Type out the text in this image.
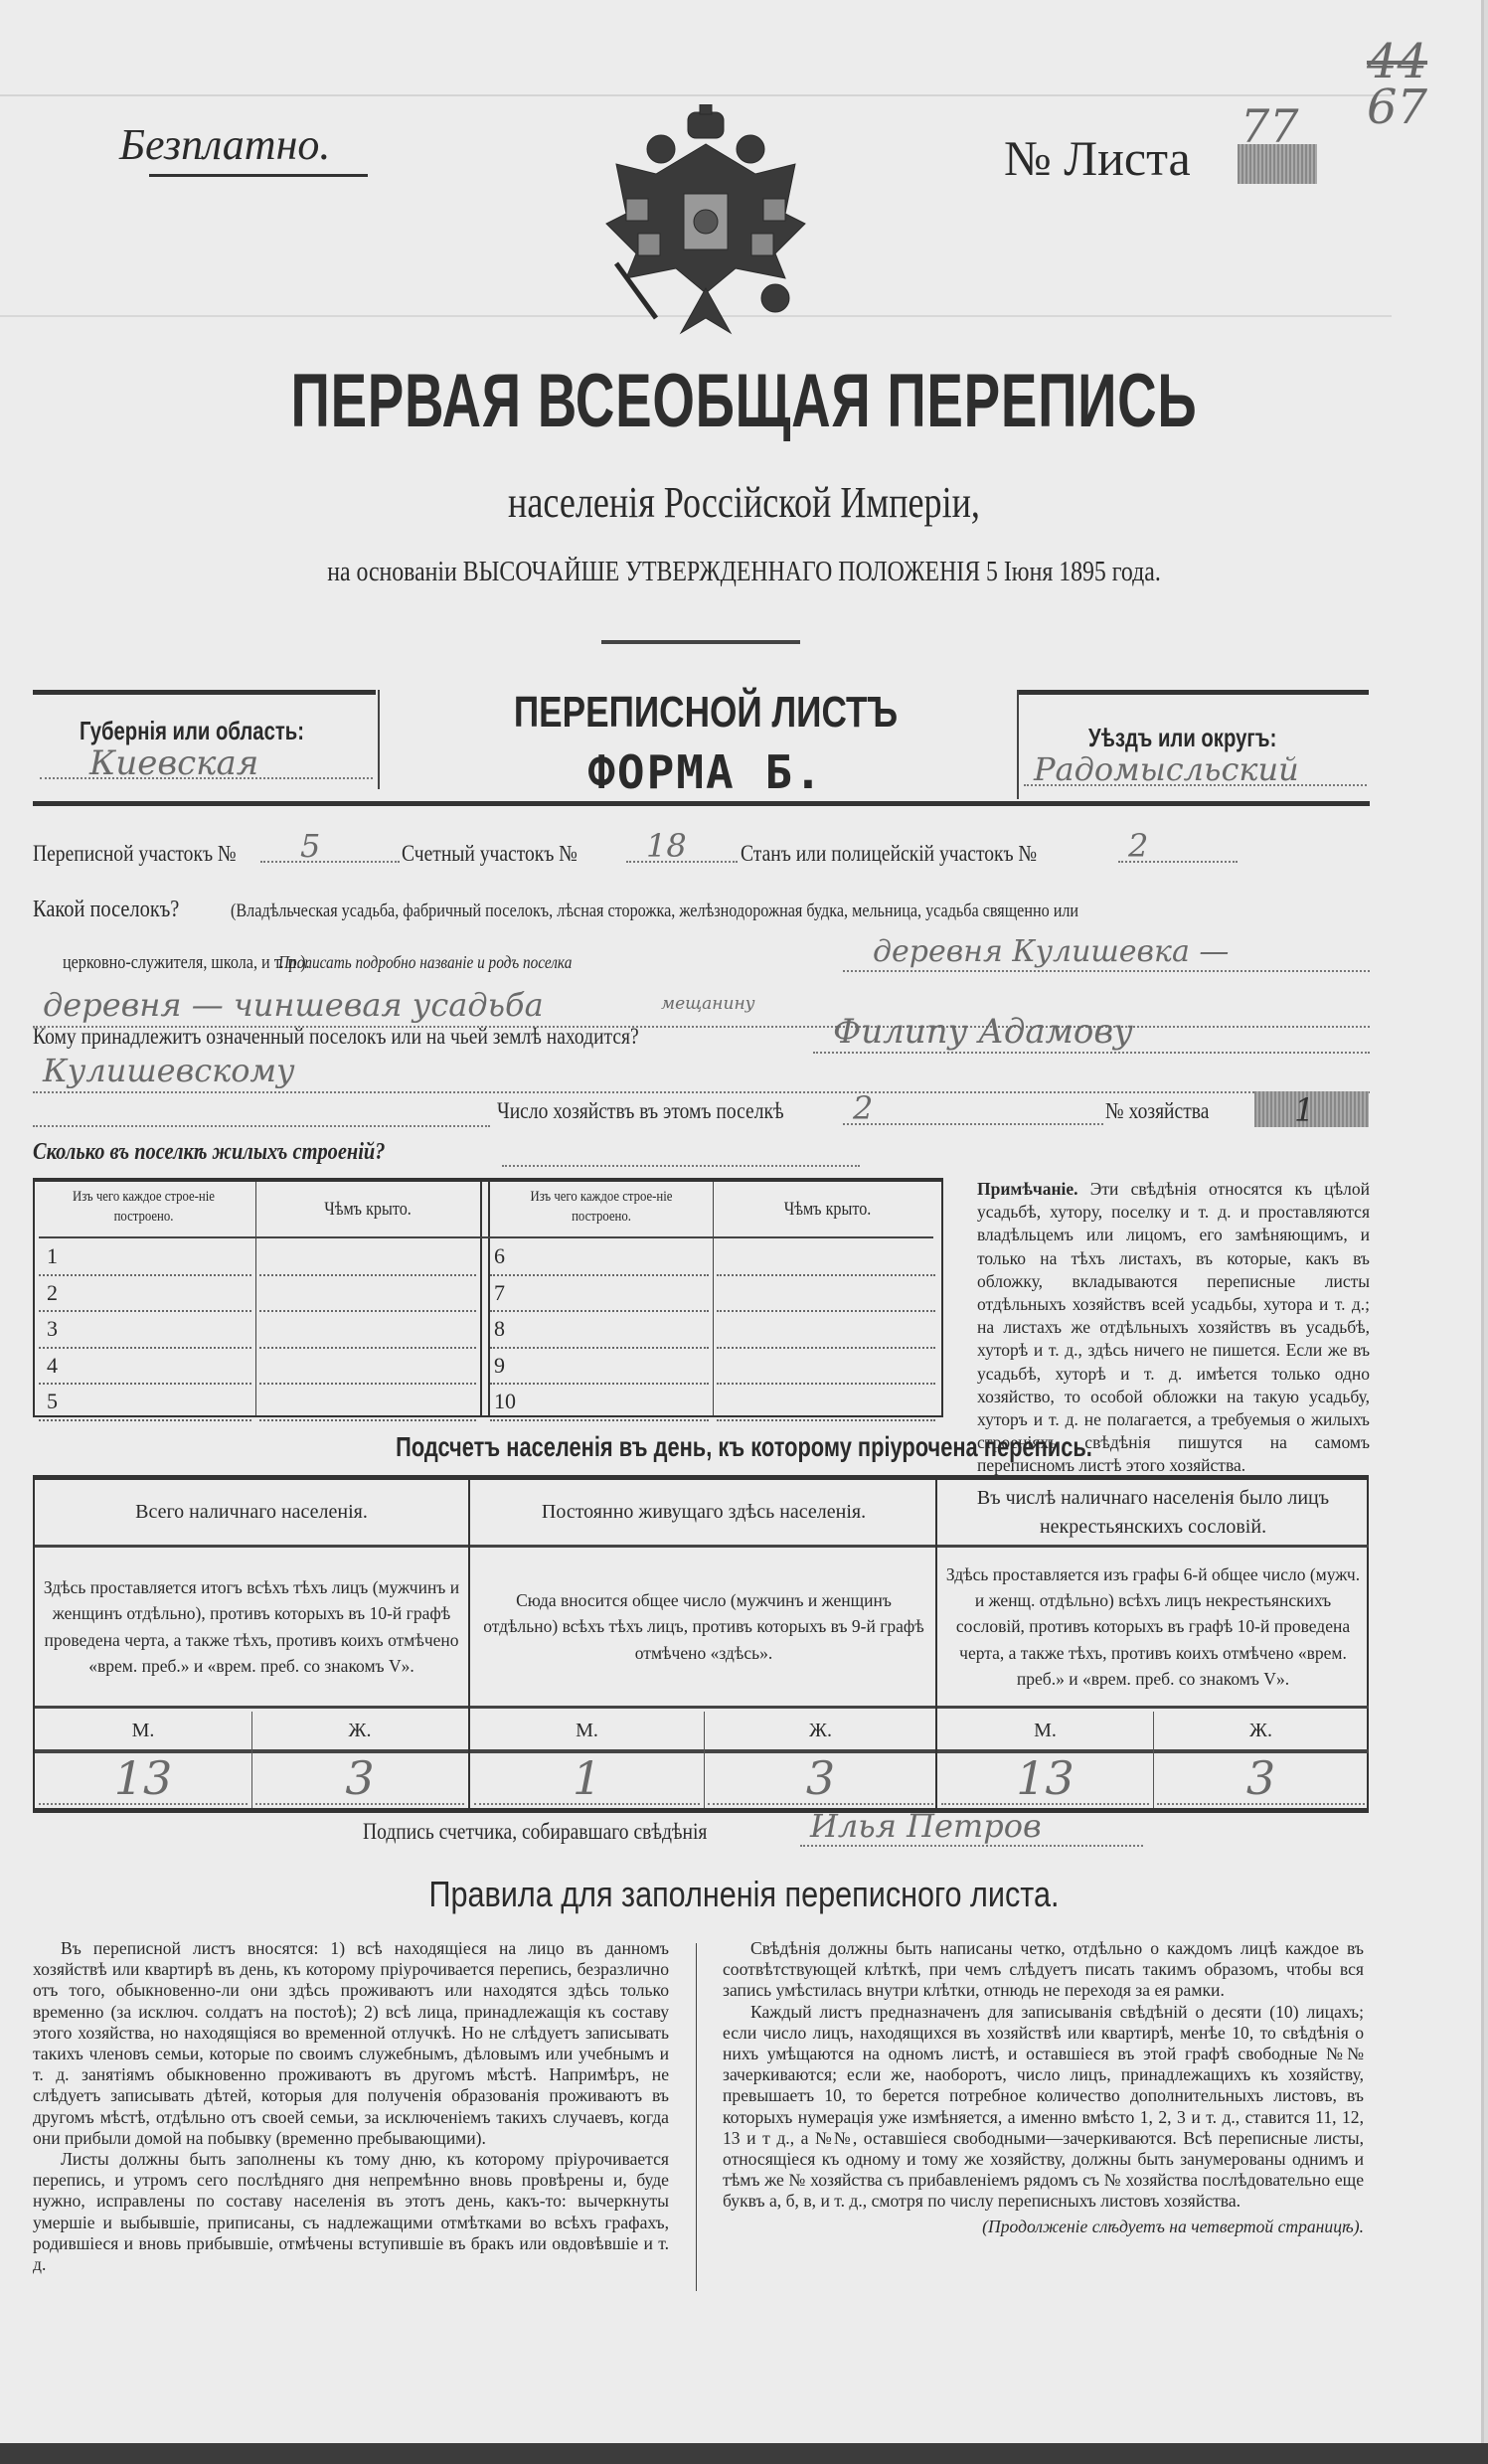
Безплатно.	№ Листа
77
44
67
ПЕРВАЯ ВСЕОБЩАЯ ПЕРЕПИСЬ
населенія Россійской Имперіи,
на основаніи ВЫСОЧАЙШЕ УТВЕРЖДЕННАГО ПОЛОЖЕНІЯ 5 Іюня 1895 года.
Губернія или область:
Киевская
ПЕРЕПИСНОЙ ЛИСТЪ
ФОРМА Б.
Уѣздъ или округъ:
Радомысльский
Переписной участокъ №	5	Счетный участокъ №	18	Станъ или полицейскій участокъ №	2
Какой поселокъ?	(Владѣльческая усадьба, фабричный поселокъ, лѣсная сторожка, желѣзнодорожная будка, мельница, усадьба священно или
церковно-служителя, школа, и т. п.).
Прописать подробно названіе и родъ поселка	деревня Кулишевка —
деревня — чиншевая усадьба
Кому принадлежитъ означенный поселокъ или на чьей землѣ находится?
мещанину
Филипу Адамову
Кулишевскому
Число хозяйствъ въ этомъ поселкѣ	2	№ хозяйства	1
Сколько въ поселкѣ жилыхъ строеній?
Изъ чего каждое строе-ніе построено.	Чѣмъ крыто.
Изъ чего каждое строе-ніе построено.	Чѣмъ крыто.
1	6
2	7
3	8
4	9
5	10
Примѣчаніе. Эти свѣдѣнія относятся къ цѣлой усадьбѣ, хутору, поселку и т. д. и проставляются владѣльцемъ или лицомъ, его замѣняющимъ, и только на тѣхъ листахъ, въ которые, какъ въ обложку, вкладываются переписные листы отдѣльныхъ хозяйствъ всей усадьбы, хутора и т. д.; на листахъ же отдѣльныхъ хозяйствъ въ усадьбѣ, хуторѣ и т. д., здѣсь ничего не пишется. Если же въ усадьбѣ, хуторѣ и т. д. имѣется только одно хозяйство, то особой обложки на такую усадьбу, хуторъ и т. д. не полагается, а требуемыя о жилыхъ строеніяхъ свѣдѣнія пишутся на самомъ переписномъ листѣ этого хозяйства.
Подсчетъ населенія въ день, къ которому пріурочена перепись.
Всего наличнаго населенія.
Здѣсь проставляется итогъ всѣхъ тѣхъ лицъ (мужчинъ и женщинъ отдѣльно), противъ которыхъ въ 10-й графѣ проведена черта, а также тѣхъ, противъ коихъ отмѣчено «врем. преб.» и «врем. преб. со знакомъ V».
М.	Ж.
13	3
Постоянно живущаго здѣсь населенія.
Сюда вносится общее число (мужчинъ и женщинъ отдѣльно) всѣхъ тѣхъ лицъ, противъ которыхъ въ 9-й графѣ отмѣчено «здѣсь».
М.	Ж.
1	3
Въ числѣ наличнаго населенія было лицъ некрестьянскихъ сословій.
Здѣсь проставляется изъ графы 6-й общее число (мужч. и женщ. отдѣльно) всѣхъ лицъ некрестьянскихъ сословій, противъ которыхъ въ графѣ 10-й проведена черта, а также тѣхъ, противъ коихъ отмѣчено «врем. преб.» и «врем. преб. со знакомъ V».
М.	Ж.
13	3
Подпись счетчика, собиравшаго свѣдѣнія	Илья Петров
Правила для заполненія переписного листа.

Въ переписной листъ вносятся: 1) всѣ находящіеся на лицо въ данномъ хозяйствѣ или квартирѣ въ день, къ которому пріурочивается перепись, безразлично отъ того, обыкновенно-ли они здѣсь проживаютъ или находятся здѣсь только временно (за исключ. солдатъ на постоѣ); 2) всѣ лица, принадлежащія къ составу этого хозяйства, но находящіяся во временной отлучкѣ. Но не слѣдуетъ записывать такихъ членовъ семьи, которые по своимъ служебнымъ, дѣловымъ или учебнымъ и т. д. занятіямъ обыкновенно проживаютъ въ другомъ мѣстѣ. Напримѣръ, не слѣдуетъ записывать дѣтей, которыя для полученія образованія проживаютъ въ другомъ мѣстѣ, отдѣльно отъ своей семьи, за исключеніемъ такихъ случаевъ, когда они прибыли домой на побывку (временно пребывающими).

Листы должны быть заполнены къ тому дню, къ которому пріурочивается перепись, и утромъ сего послѣдняго дня непремѣнно вновь провѣрены и, буде нужно, исправлены по составу населенія въ этотъ день, какъ-то: вычеркнуты умершіе и выбывшіе, приписаны, съ надлежащими отмѣтками во всѣхъ графахъ, родившіеся и вновь прибывшіе, отмѣчены вступившіе въ бракъ или овдовѣвшіе и т. д.

Свѣдѣнія должны быть написаны четко, отдѣльно о каждомъ лицѣ каждое въ соотвѣтствующей клѣткѣ, при чемъ слѣдуетъ писать такимъ образомъ, чтобы вся запись умѣстилась внутри клѣтки, отнюдь не переходя за ея рамки.

Каждый листъ предназначенъ для записыванія свѣдѣній о десяти (10) лицахъ; если число лицъ, находящихся въ хозяйствѣ или квартирѣ, менѣе 10, то свѣдѣнія о нихъ умѣщаются на одномъ листѣ, и оставшіеся въ этой графѣ свободные №№ зачеркиваются; если же, наоборотъ, число лицъ, принадлежащихъ къ хозяйству, превышаетъ 10, то берется потребное количество дополнительныхъ листовъ, въ которыхъ нумерація уже измѣняется, а именно вмѣсто 1, 2, 3 и т. д., ставится 11, 12, 13 и т д., а №№, оставшіеся свободными—зачеркиваются. Всѣ переписные листы, относящіеся къ одному и тому же хозяйству, должны быть занумерованы однимъ и тѣмъ же № хозяйства съ прибавленіемъ рядомъ съ № хозяйства послѣдовательно еще буквъ а, б, в, и т. д., смотря по числу переписныхъ листовъ хозяйства.

(Продолженіе слѣдуетъ на четвертой страницѣ).
